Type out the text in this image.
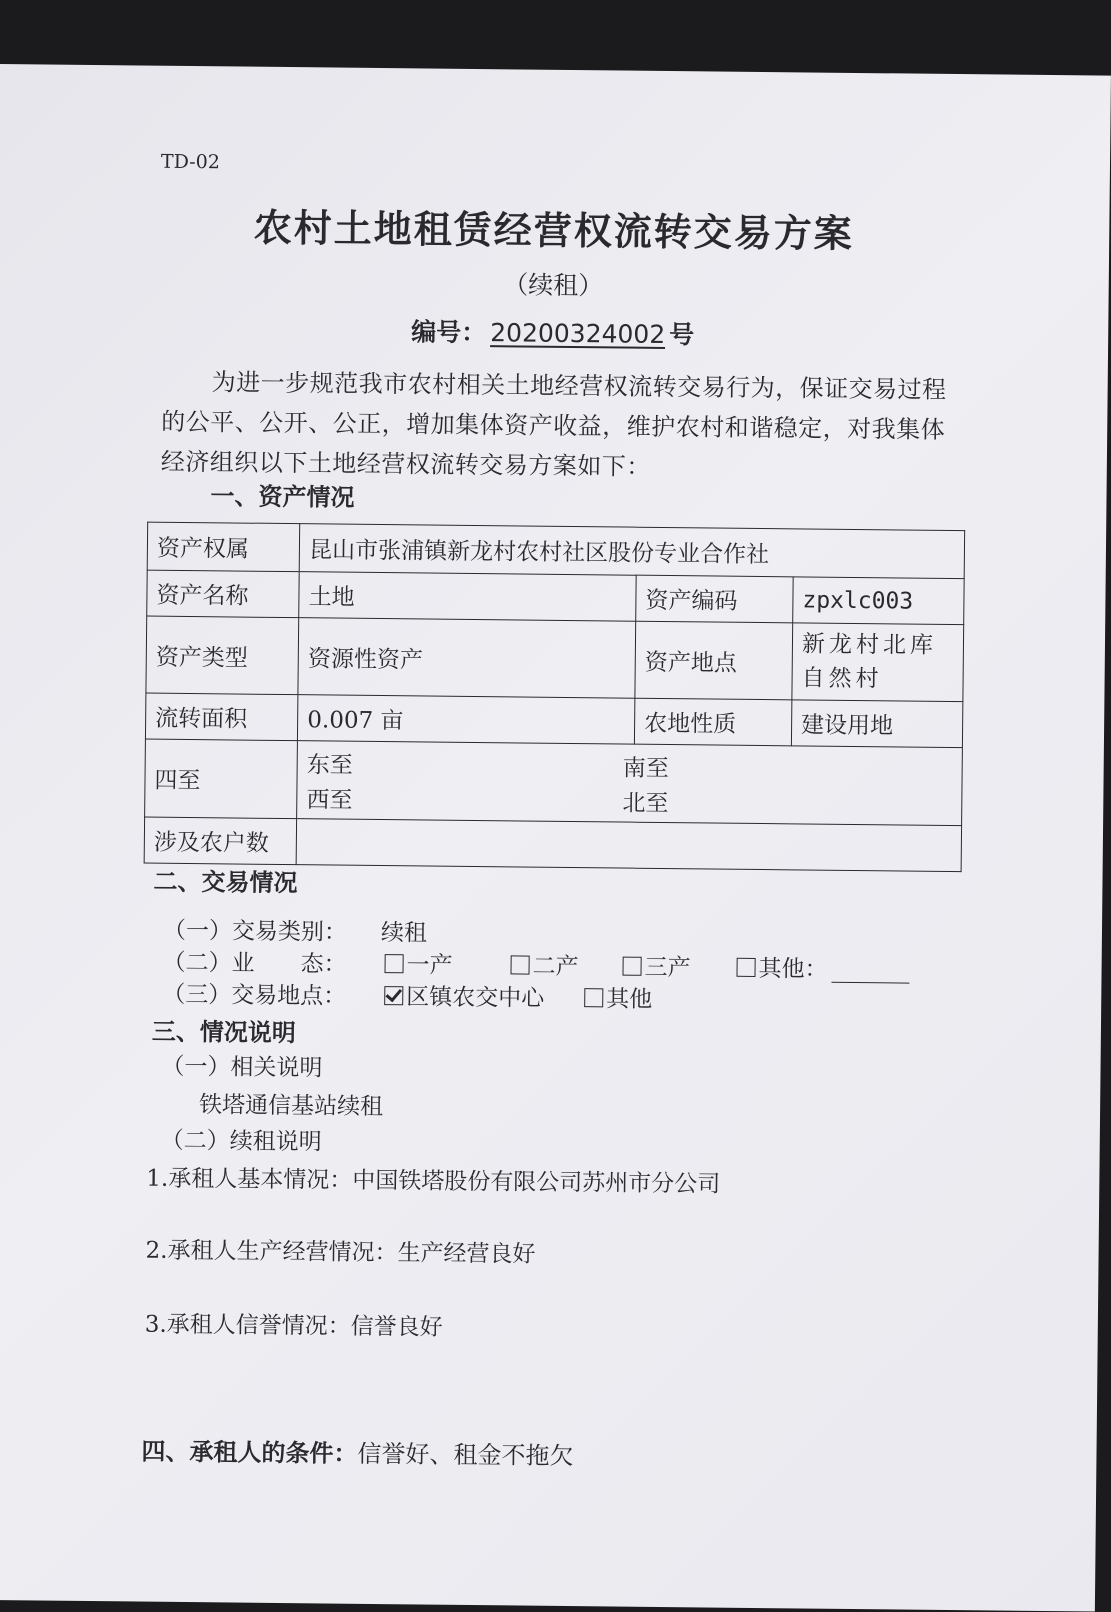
TD-02
农村土地租赁经营权流转交易方案
（续租）
编号： 20200324002 号
为进一步规范我市农村相关土地经营权流转交易行为，保证交易过程的公平、公开、公正，增加集体资产收益，维护农村和谐稳定，对我集体经济组织以下土地经营权流转交易方案如下：
一、资产情况
资产权属	昆山市张浦镇新龙村农村社区股份专业合作社		
资产名称	土地	资产编码	zpxlc003
资产类型	资源性资产	资产地点	新龙村北库自然村
流转面积	0.007 亩	农地性质	建设用地
四至	东至 南至
西至 北至		

涉及农户数			
二、交易情况
（一）交易类别： 续租
（二）业　　态：	一产	二产	三产	其他：
（三）交易地点：	区镇农交中心	其他
三、情况说明
（一）相关说明
铁塔通信基站续租
（二）续租说明
1.承租人基本情况：中国铁塔股份有限公司苏州市分公司
2.承租人生产经营情况：生产经营良好
3.承租人信誉情况：信誉良好
四、承租人的条件：信誉好、租金不拖欠
